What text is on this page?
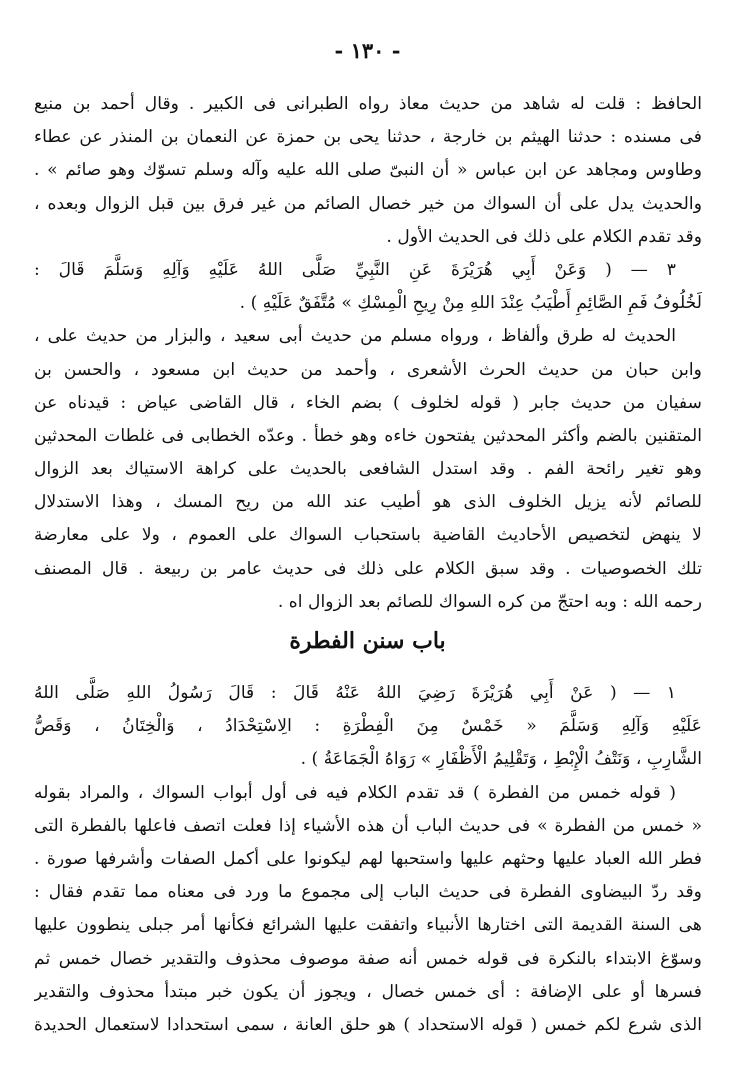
- ١٣٠ -
الحافظ : قلت له شاهد من حديث معاذ رواه الطبرانى فى الكبير . وقال أحمد بن منيع
فى مسنده : حدثنا الهيثم بن خارجة ، حدثنا يحى بن حمزة عن النعمان بن المنذر عن عطاء
وطاوس ومجاهد عن ابن عباس « أن النبىّ صلى الله عليه وآله وسلم تسوّك وهو صائم » .
والحديث يدل على أن السواك من خير خصال الصائم من غير فرق بين قبل الزوال وبعده ،
وقد تقدم الكلام على ذلك فى الحديث الأول .
٣ — ( وَعَنْ أَبِي هُرَيْرَةَ عَنِ النَّبِيِّ صَلَّى اللهُ عَلَيْهِ وَآلِهِ وَسَلَّمَ قَالَ :
لَخُلُوفُ فَمِ الصَّائِمِ أَطْيَبُ عِنْدَ اللهِ مِنْ رِيحِ الْمِسْكِ » مُتَّفَقٌ عَلَيْهِ ) .
الحديث له طرق وألفاظ ، ورواه مسلم من حديث أبى سعيد ، والبزار من حديث على ،
وابن حبان من حديث الحرث الأشعرى ، وأحمد من حديث ابن مسعود ، والحسن بن
سفيان من حديث جابر ( قوله لخلوف ) بضم الخاء ، قال القاضى عياض : قيدناه عن
المتقنين بالضم وأكثر المحدثين يفتحون خاءه وهو خطأ . وعدّه الخطابى فى غلطات المحدثين
وهو تغير رائحة الفم . وقد استدل الشافعى بالحديث على كراهة الاستياك بعد الزوال
للصائم لأنه يزيل الخلوف الذى هو أطيب عند الله من ريح المسك ، وهذا الاستدلال
لا ينهض لتخصيص الأحاديث القاضية باستحباب السواك على العموم ، ولا على معارضة
تلك الخصوصيات . وقد سبق الكلام على ذلك فى حديث عامر بن ربيعة . قال المصنف
رحمه الله : وبه احتجّ من كره السواك للصائم بعد الزوال اه .
باب سنن الفطرة
١ — ( عَنْ أَبِي هُرَيْرَةَ رَضِيَ اللهُ عَنْهُ قَالَ : قَالَ رَسُولُ اللهِ صَلَّى اللهُ
عَلَيْهِ وَآلِهِ وَسَلَّمَ « خَمْسٌ مِنَ الْفِطْرَةِ : الِاسْتِحْدَادُ ، وَالْخِتَانُ ، وَقَصُّ
الشَّارِبِ ، وَنَتْفُ الْإِبْطِ ، وَتَقْلِيمُ الْأَظْفَارِ » رَوَاهُ الْجَمَاعَةُ ) .
( قوله خمس من الفطرة ) قد تقدم الكلام فيه فى أول أبواب السواك ، والمراد بقوله
« خمس من الفطرة » فى حديث الباب أن هذه الأشياء إذا فعلت اتصف فاعلها بالفطرة التى
فطر الله العباد عليها وحثهم عليها واستحبها لهم ليكونوا على أكمل الصفات وأشرفها صورة .
وقد ردّ البيضاوى الفطرة فى حديث الباب إلى مجموع ما ورد فى معناه مما تقدم فقال :
هى السنة القديمة التى اختارها الأنبياء واتفقت عليها الشرائع فكأنها أمر جبلى ينطوون عليها
وسوّغ الابتداء بالنكرة فى قوله خمس أنه صفة موصوف محذوف والتقدير خصال خمس ثم
فسرها أو على الإضافة : أى خمس خصال ، ويجوز أن يكون خبر مبتدأ محذوف والتقدير
الذى شرع لكم خمس ( قوله الاستحداد ) هو حلق العانة ، سمى استحدادا لاستعمال الحديدة
